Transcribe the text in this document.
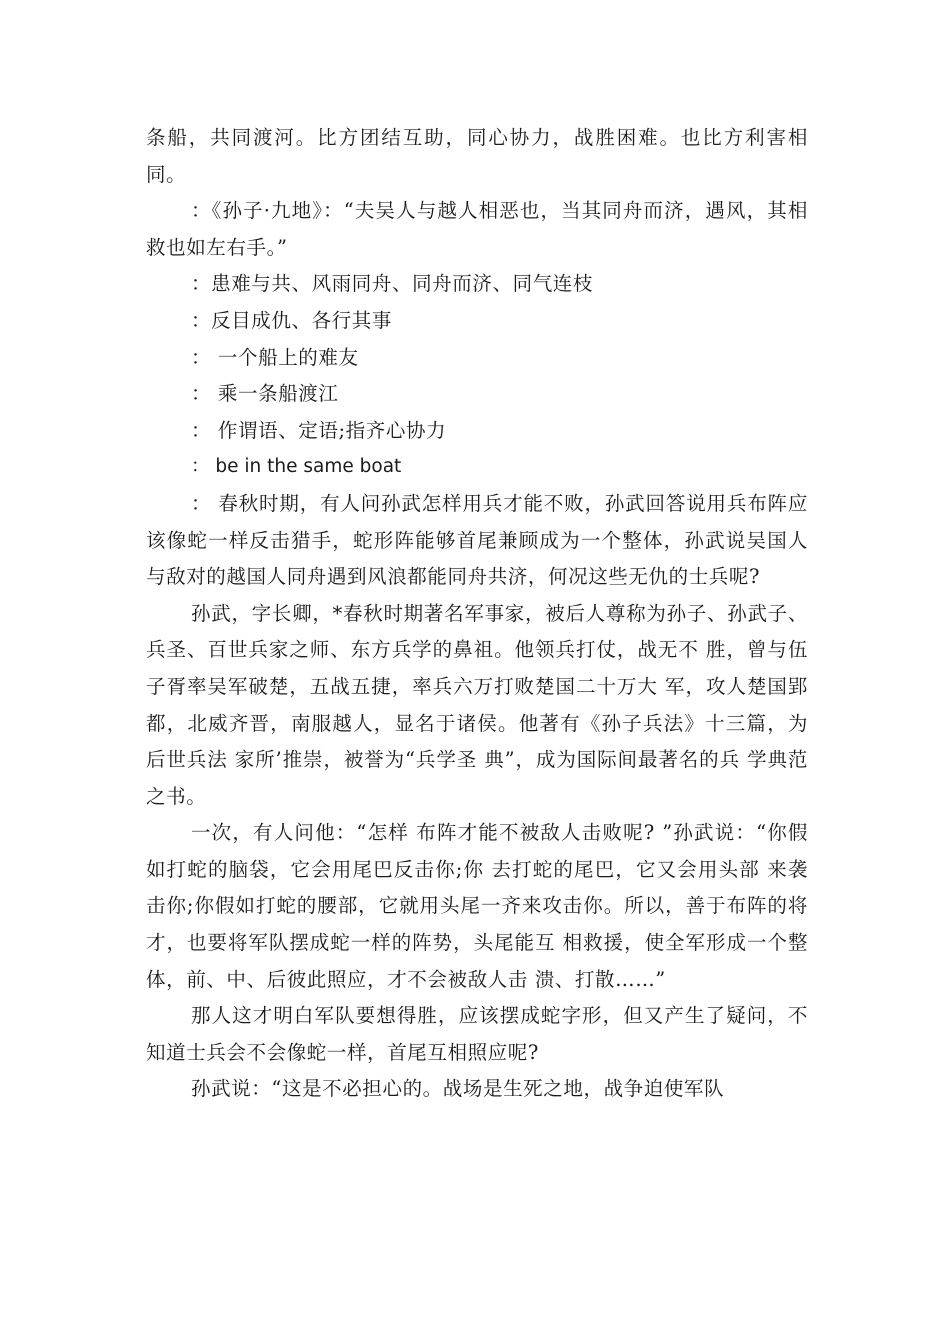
条船，共同渡河。比方团结互助，同心协力，战胜困难。也比方利害相同。

：《孙子·九地》：“夫吴人与越人相恶也，当其同舟而济，遇风，其相救也如左右手。”

：患难与共、风雨同舟、同舟而济、同气连枝

：反目成仇、各行其事

： 一个船上的难友

： 乘一条船渡江

： 作谓语、定语;指齐心协力

： be in the same boat

： 春秋时期，有人问孙武怎样用兵才能不败，孙武回答说用兵布阵应该像蛇一样反击猎手，蛇形阵能够首尾兼顾成为一个整体，孙武说吴国人与敌对的越国人同舟遇到风浪都能同舟共济，何况这些无仇的士兵呢?

孙武，字长卿，*春秋时期著名军事家，被后人尊称为孙子、孙武子、兵圣、百世兵家之师、东方兵学的鼻祖。他领兵打仗，战无不 胜，曾与伍子胥率吴军破楚，五战五捷，率兵六万打败楚国二十万大 军，攻人楚国郢都，北威齐晋，南服越人，显名于诸侯。他著有《孙子兵法》十三篇，为后世兵法 家所’推崇，被誉为“兵学圣 典”，成为国际间最著名的兵 学典范之书。

一次，有人问他：“怎样 布阵才能不被敌人击败呢? ”孙武说：“你假如打蛇的脑袋，它会用尾巴反击你;你 去打蛇的尾巴，它又会用头部 来袭击你;你假如打蛇的腰部，它就用头尾一齐来攻击你。所以，善于布阵的将才，也要将军队摆成蛇一样的阵势，头尾能互 相救援，使全军形成一个整体，前、中、后彼此照应，才不会被敌人击 溃、打散……”

那人这才明白军队要想得胜，应该摆成蛇字形，但又产生了疑问，不知道士兵会不会像蛇一样，首尾互相照应呢?

孙武说：“这是不必担心的。战场是生死之地，战争迫使军队
